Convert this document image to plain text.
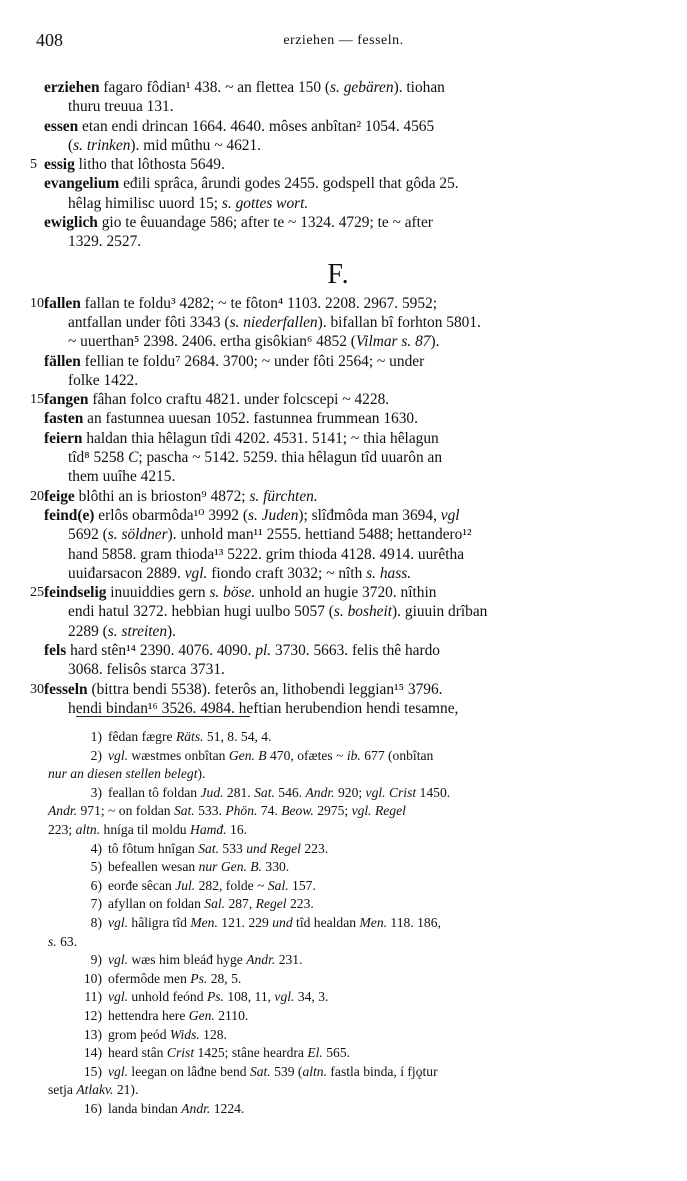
408	erziehen — fesseln.
erziehen fagaro fôdian¹ 438. ~ an flettea 150 (s. gebären). tiohan
thuru treuua 131.
essen etan endi drincan 1664. 4640. môses anbîtan² 1054. 4565
(s. trinken). mid mûthu ~ 4621.
5 essig litho that lôthosta 5649.
evangelium eđili sprâca, ârundi godes 2455. godspell that gôda 25.
hêlag himilisc uuord 15; s. gottes wort.
ewiglich gio te êuuandage 586; after te ~ 1324. 4729; te ~ after
1329. 2527.
F.
10 fallen fallan te foldu³ 4282; ~ te fôton⁴ 1103. 2208. 2967. 5952;
antfallan under fôti 3343 (s. niederfallen). bifallan bî forhton 5801.
~ uuerthan⁵ 2398. 2406. ertha gisôkian⁶ 4852 (Vilmar s. 87).
fällen fellian te foldu⁷ 2684. 3700; ~ under fôti 2564; ~ under
folke 1422.
15 fangen fâhan folco craftu 4821. under folcscepi ~ 4228.
fasten an fastunnea uuesan 1052. fastunnea frummean 1630.
feiern haldan thia hêlagun tîdi 4202. 4531. 5141; ~ thia hêlagun
tîd⁸ 5258 C; pascha ~ 5142. 5259. thia hêlagun tîd uuarôn an
them uuîhe 4215.
20 feige blôthi an is brioston⁹ 4872; s. fürchten.
feind(e) erlôs obarmôda¹⁰ 3992 (s. Juden); slîđmôda man 3694, vgl
5692 (s. söldner). unhold man¹¹ 2555. hettiand 5488; hettandero¹²
hand 5858. gram thioda¹³ 5222. grim thioda 4128. 4914. uurêtha
uuiđarsacon 2889. vgl. fiondo craft 3032; ~ nîth s. hass.
25 feindselig inuuiddies gern s. böse. unhold an hugie 3720. nîthin
endi hatul 3272. hebbian hugi uulbo 5057 (s. bosheit). giuuin drîban
2289 (s. streiten).
fels hard stên¹⁴ 2390. 4076. 4090. pl. 3730. 5663. felis thê hardo
3068. felisôs starca 3731.
30 fesseln (bittra bendi 5538). feterôs an, lithobendi leggian¹⁵ 3796.
hendi bindan¹⁶ 3526. 4984. heftian herubendion hendi tesamne,
1) fêdan fægre Räts. 51, 8. 54, 4.
2) vgl. wæstmes onbîtan Gen. B 470, ofætes ~ ib. 677 (onbîtan
nur an diesen stellen belegt).
3) feallan tô foldan Jud. 281. Sat. 546. Andr. 920; vgl. Crist 1450.
Andr. 971; ~ on foldan Sat. 533. Phön. 74. Beow. 2975; vgl. Regel
223; altn. hníga til moldu Hamđ. 16.
4) tô fôtum hnîgan Sat. 533 und Regel 223.
5) befeallen wesan nur Gen. B. 330.
6) eorđe sêcan Jul. 282, folde ~ Sal. 157.
7) afyllan on foldan Sal. 287, Regel 223.
8) vgl. hâligra tîd Men. 121. 229 und tîd healdan Men. 118. 186,
s. 63.
9) vgl. wæs him bleáđ hyge Andr. 231.
10) ofermôde men Ps. 28, 5.
11) vgl. unhold feónd Ps. 108, 11, vgl. 34, 3.
12) hettendra here Gen. 2110.
13) grom þeód Wids. 128.
14) heard stân Crist 1425; stâne heardra El. 565.
15) vgl. leegan on lâđne bend Sat. 539 (altn. fastla binda, í fjǫtur
setja Atlakv. 21).
16) landa bindan Andr. 1224.
